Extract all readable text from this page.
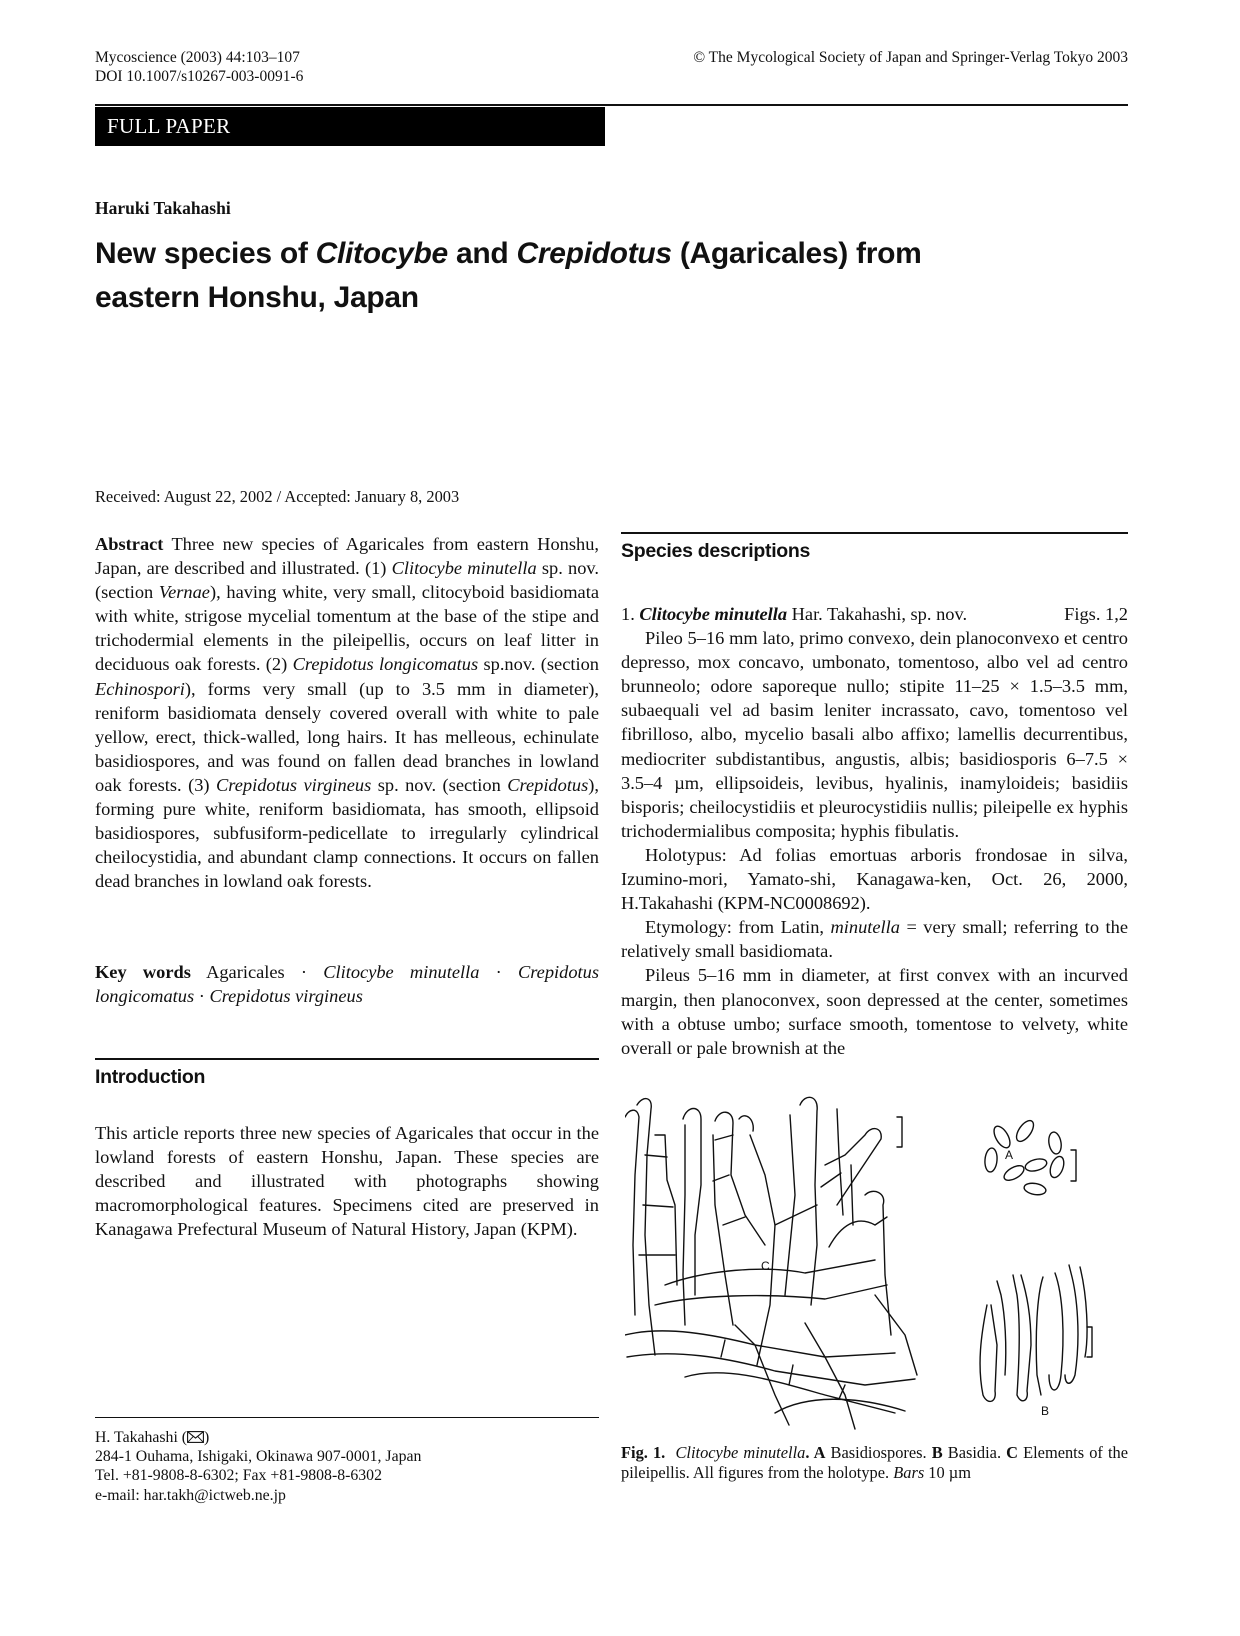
Mycoscience (2003) 44:103–107
DOI 10.1007/s10267-003-0091-6
© The Mycological Society of Japan and Springer-Verlag Tokyo 2003
FULL PAPER
Haruki Takahashi
New species of Clitocybe and Crepidotus (Agaricales) from
eastern Honshu, Japan
Received: August 22, 2002 / Accepted: January 8, 2003

Abstract Three new species of Agaricales from eastern Honshu, Japan, are described and illustrated. (1) Clitocybe minutella sp. nov. (section Vernae), having white, very small, clitocyboid basidiomata with white, strigose mycelial tomentum at the base of the stipe and trichodermial elements in the pileipellis, occurs on leaf litter in deciduous oak forests. (2) Crepidotus longicomatus sp.nov. (section Echinospori), forms very small (up to 3.5 mm in diameter), reniform basidiomata densely covered overall with white to pale yellow, erect, thick-walled, long hairs. It has melleous, echinulate basidiospores, and was found on fallen dead branches in lowland oak forests. (3) Crepidotus virgineus sp. nov. (section Crepidotus), forming pure white, reniform basidiomata, has smooth, ellipsoid basidiospores, subfusiform-pedicellate to irregularly cylindrical cheilocystidia, and abundant clamp connections. It occurs on fallen dead branches in lowland oak forests.

Key words Agaricales · Clitocybe minutella · Crepidotus longicomatus · Crepidotus virgineus

Introduction

This article reports three new species of Agaricales that occur in the lowland forests of eastern Honshu, Japan. These species are described and illustrated with photographs showing macromorphological features. Specimens cited are preserved in Kanagawa Prefectural Museum of Natural History, Japan (KPM).

H. Takahashi ( )
284-1 Ouhama, Ishigaki, Okinawa 907-0001, Japan
Tel. +81-9808-8-6302; Fax +81-9808-8-6302
e-mail: har.takh@ictweb.ne.jp
Species descriptions

1. Clitocybe minutella Har. Takahashi, sp. nov.	Figs. 1,2

Pileo 5–16 mm lato, primo convexo, dein planoconvexo et centro depresso, mox concavo, umbonato, tomentoso, albo vel ad centro brunneolo; odore saporeque nullo; stipite 11–25 × 1.5–3.5 mm, subaequali vel ad basim leniter incrassato, cavo, tomentoso vel fibrilloso, albo, mycelio basali albo affixo; lamellis decurrentibus, mediocriter subdistantibus, angustis, albis; basidiosporis 6–7.5 × 3.5–4 µm, ellipsoideis, levibus, hyalinis, inamyloideis; basidiis bisporis; cheilocystidiis et pleurocystidiis nullis; pileipelle ex hyphis trichodermialibus composita; hyphis fibulatis.

Holotypus: Ad folias emortuas arboris frondosae in silva, Izumino-mori, Yamato-shi, Kanagawa-ken, Oct. 26, 2000, H.Takahashi (KPM-NC0008692).

Etymology: from Latin, minutella = very small; referring to the relatively small basidiomata.

Pileus 5–16 mm in diameter, at first convex with an incurved margin, then planoconvex, soon depressed at the center, sometimes with a obtuse umbo; surface smooth, tomentose to velvety, white overall or pale brownish at the

C
A
B

Fig. 1. Clitocybe minutella. A Basidiospores. B Basidia. C Elements of the pileipellis. All figures from the holotype. Bars 10 µm
